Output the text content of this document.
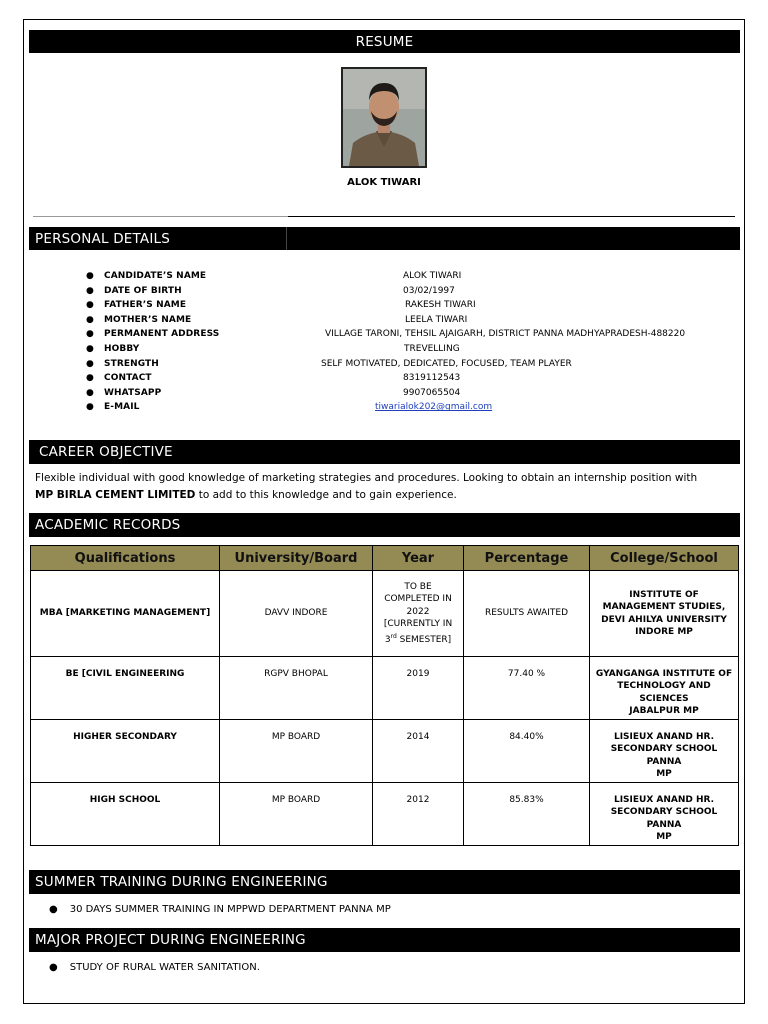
RESUME
ALOK TIWARI
PERSONAL DETAILS
● CANDIDATE’S NAME	ALOK TIWARI
● DATE OF BIRTH	03/02/1997
● FATHER’S NAME	RAKESH TIWARI
● MOTHER’S NAME	LEELA TIWARI
● PERMANENT ADDRESS	VILLAGE TARONI, TEHSIL AJAIGARH, DISTRICT PANNA MADHYAPRADESH-488220
● HOBBY	TREVELLING
● STRENGTH	SELF MOTIVATED, DEDICATED, FOCUSED, TEAM PLAYER
● CONTACT	8319112543
● WHATSAPP	9907065504
● E-MAIL	tiwarialok202@gmail.com
CAREER OBJECTIVE
Flexible individual with good knowledge of marketing strategies and procedures. Looking to obtain an internship position with
MP BIRLA CEMENT LIMITED to add to this knowledge and to gain experience.
ACADEMIC RECORDS
Qualifications	University/Board	Year	Percentage	College/School
MBA [MARKETING MANAGEMENT]	DAVV INDORE	TO BE
COMPLETED IN
2022
[CURRENTLY IN
3rd SEMESTER]	RESULTS AWAITED	INSTITUTE OF
MANAGEMENT STUDIES,
DEVI AHILYA UNIVERSITY
INDORE MP
BE [CIVIL ENGINEERING	RGPV BHOPAL	2019	77.40 %	GYANGANGA INSTITUTE OF
TECHNOLOGY AND SCIENCES
JABALPUR MP
HIGHER SECONDARY	MP BOARD	2014	84.40%	LISIEUX ANAND HR.
SECONDARY SCHOOL PANNA
MP
HIGH SCHOOL	MP BOARD	2012	85.83%	LISIEUX ANAND HR.
SECONDARY SCHOOL PANNA
MP
SUMMER TRAINING DURING ENGINEERING
● 30 DAYS SUMMER TRAINING IN MPPWD DEPARTMENT PANNA MP
MAJOR PROJECT DURING ENGINEERING
● STUDY OF RURAL WATER SANITATION.
